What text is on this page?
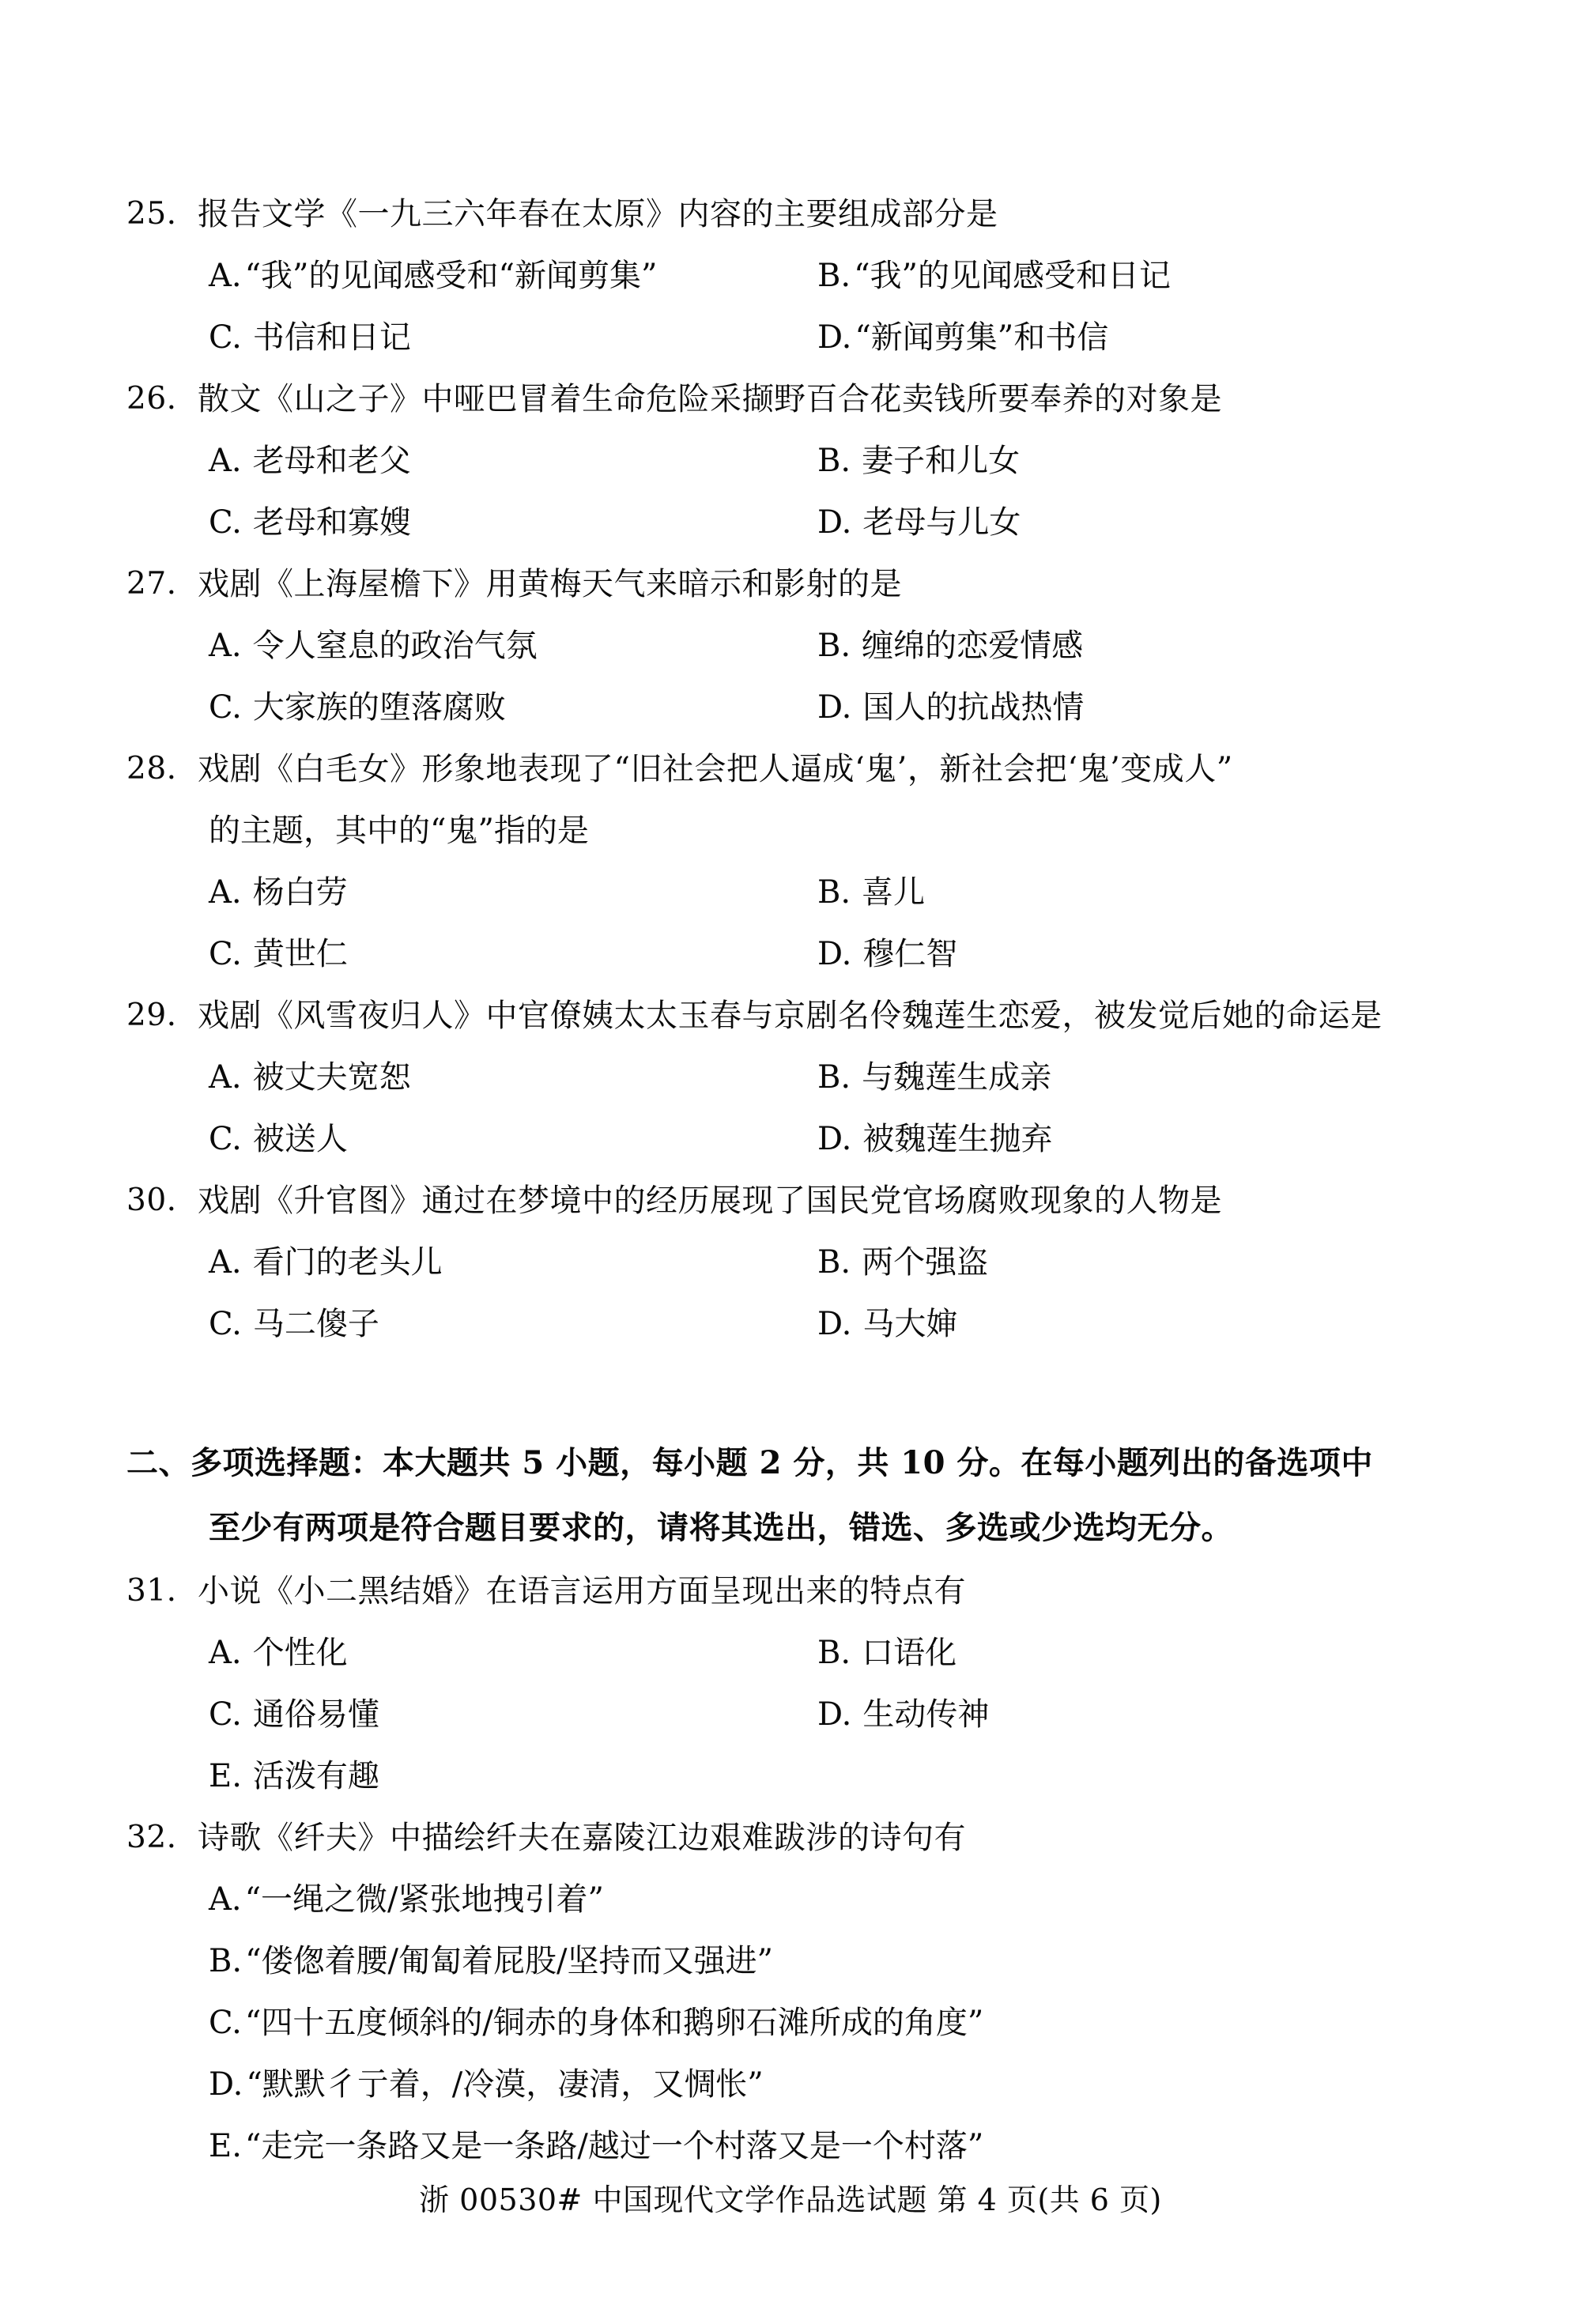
25. 报告文学《一九三六年春在太原》内容的主要组成部分是
A. “我”的见闻感受和“新闻剪集”	B. “我”的见闻感受和日记
C. 书信和日记	D. “新闻剪集”和书信
26. 散文《山之子》中哑巴冒着生命危险采撷野百合花卖钱所要奉养的对象是
A. 老母和老父	B. 妻子和儿女
C. 老母和寡嫂	D. 老母与儿女
27. 戏剧《上海屋檐下》用黄梅天气来暗示和影射的是
A. 令人窒息的政治气氛	B. 缠绵的恋爱情感
C. 大家族的堕落腐败	D. 国人的抗战热情
28. 戏剧《白毛女》形象地表现了“旧社会把人逼成‘鬼’，新社会把‘鬼’变成人”
的主题，其中的“鬼”指的是
A. 杨白劳	B. 喜儿
C. 黄世仁	D. 穆仁智
29. 戏剧《风雪夜归人》中官僚姨太太玉春与京剧名伶魏莲生恋爱，被发觉后她的命运是
A. 被丈夫宽恕	B. 与魏莲生成亲
C. 被送人	D. 被魏莲生抛弃
30. 戏剧《升官图》通过在梦境中的经历展现了国民党官场腐败现象的人物是
A. 看门的老头儿	B. 两个强盗
C. 马二傻子	D. 马大婶
二、多项选择题：本大题共 5 小题，每小题 2 分，共 10 分。在每小题列出的备选项中
至少有两项是符合题目要求的，请将其选出，错选、多选或少选均无分。
31. 小说《小二黑结婚》在语言运用方面呈现出来的特点有
A. 个性化	B. 口语化
C. 通俗易懂	D. 生动传神
E. 活泼有趣
32. 诗歌《纤夫》中描绘纤夫在嘉陵江边艰难跋涉的诗句有
A. “一绳之微/紧张地拽引着”
B. “偻偬着腰/匍匐着屁股/坚持而又强进”
C. “四十五度倾斜的/铜赤的身体和鹅卵石滩所成的角度”
D. “默默彳亍着，/冷漠，凄清，又惆怅”
E. “走完一条路又是一条路/越过一个村落又是一个村落”
浙 00530# 中国现代文学作品选试题 第 4 页(共 6 页)
